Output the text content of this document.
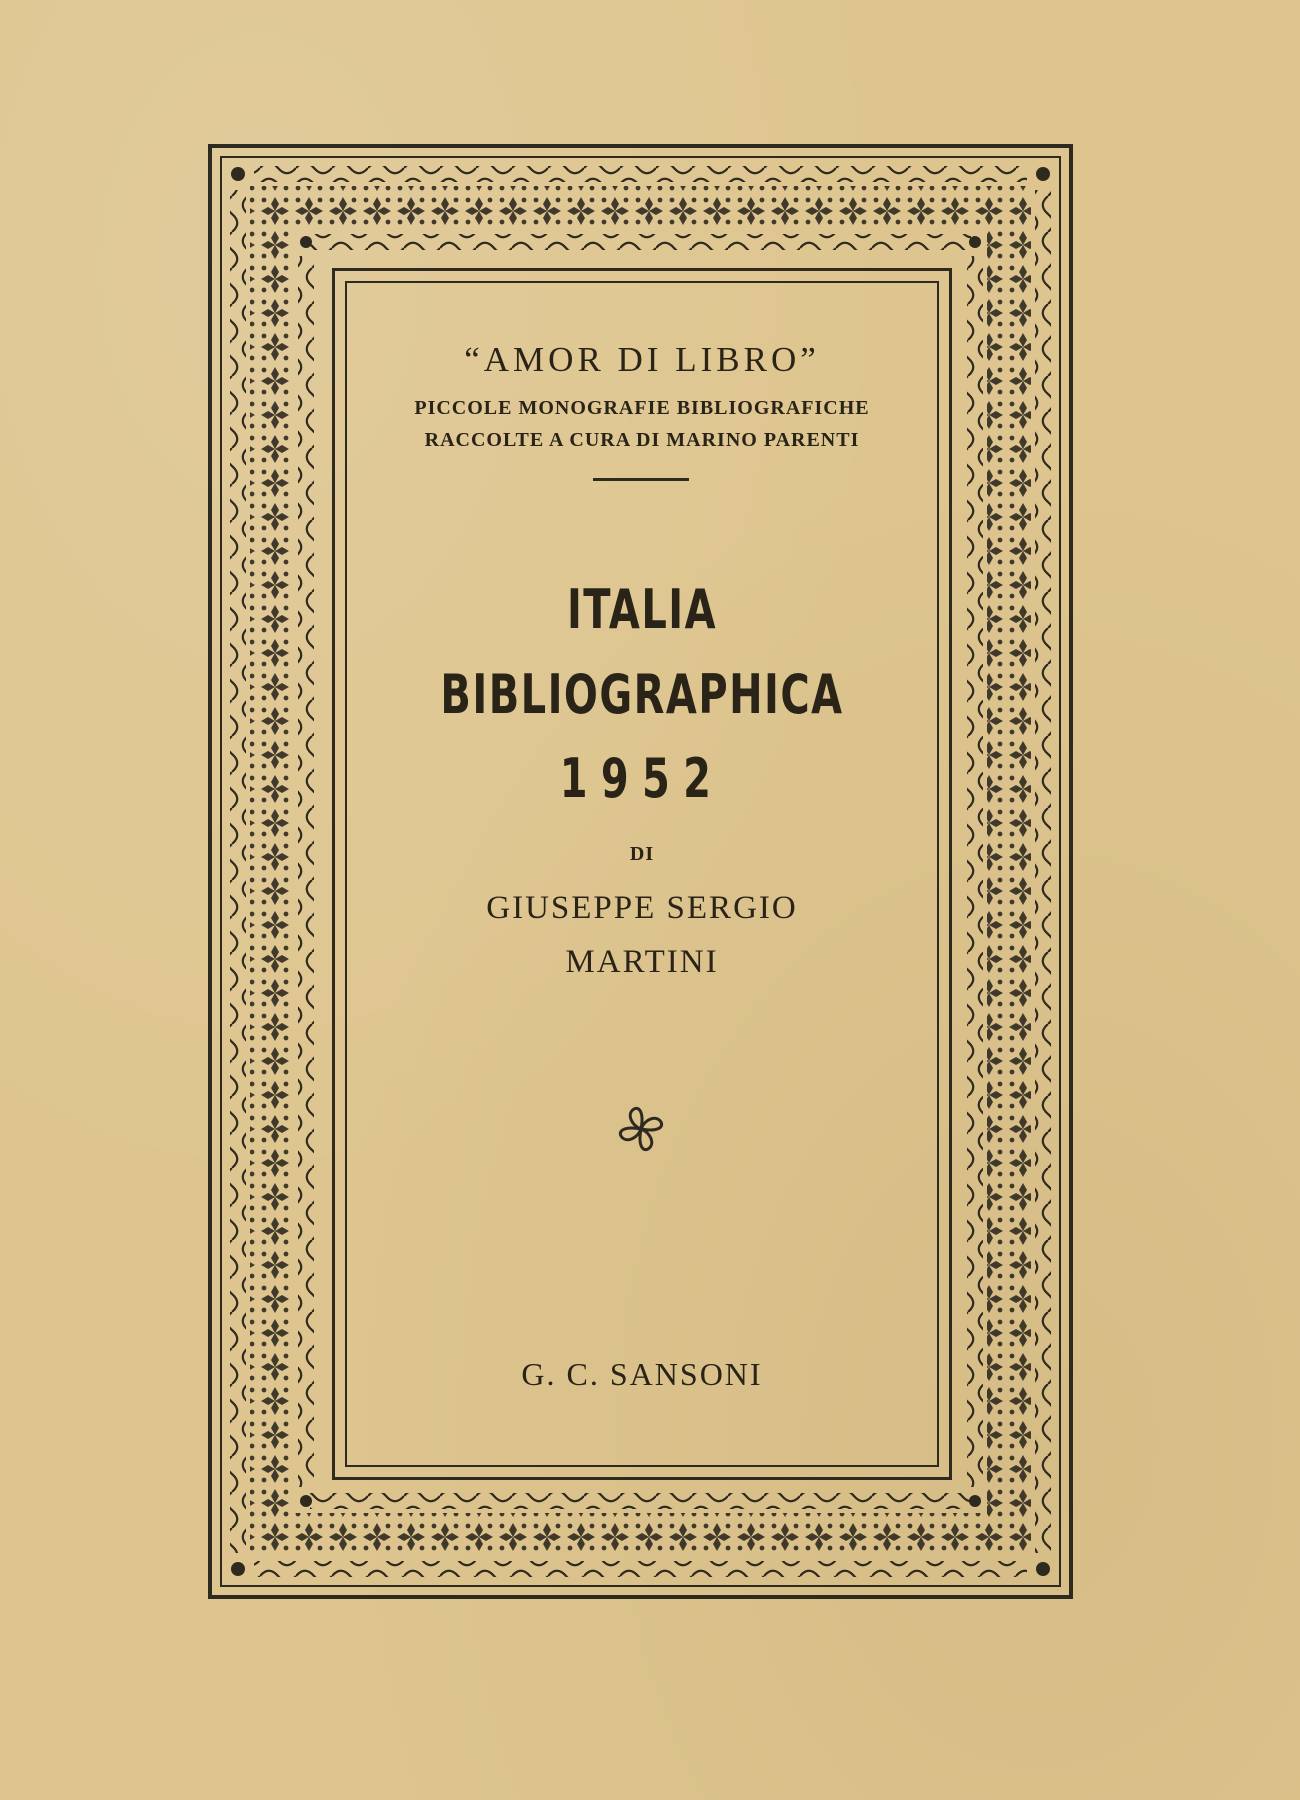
“AMOR DI LIBRO”
PICCOLE MONOGRAFIE BIBLIOGRAFICHE
RACCOLTE A CURA DI MARINO PARENTI
ITALIA
BIBLIOGRAPHICA
1952
DI
GIUSEPPE SERGIO
MARTINI
G. C. SANSONI
